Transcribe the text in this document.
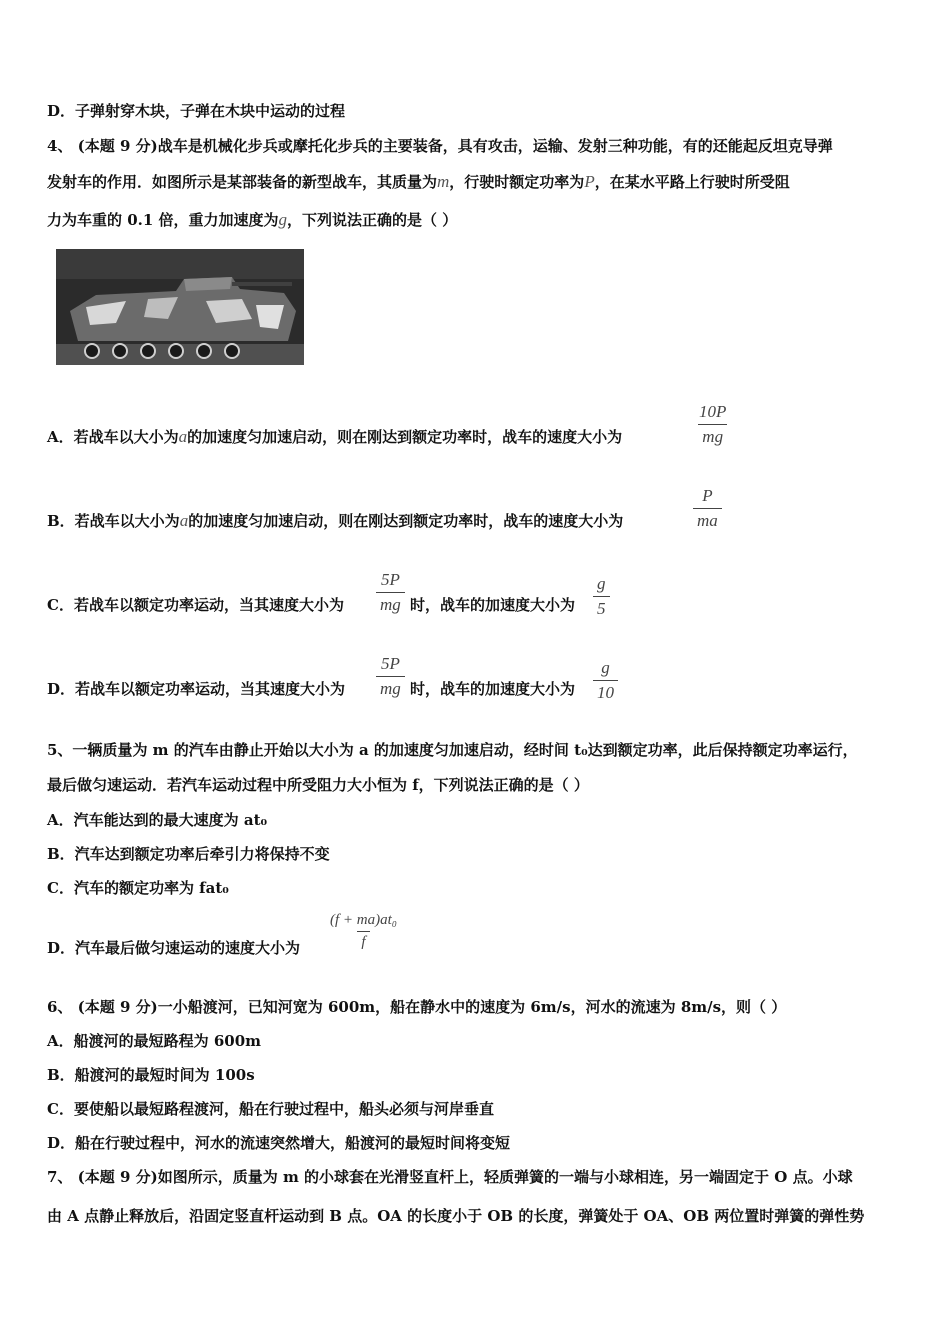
D．子弹射穿木块，子弹在木块中运动的过程
4、 (本题 9 分)战车是机械化步兵或摩托化步兵的主要装备，具有攻击，运输、发射三种功能，有的还能起反坦克导弹
发射车的作用．如图所示是某部装备的新型战车，其质量为m，行驶时额定功率为P，在某水平路上行驶时所受阻
力为车重的 0.1 倍，重力加速度为g，下列说法正确的是（ ）
A．若战车以大小为a的加速度匀加速启动，则在刚达到额定功率时，战车的速度大小为	$\frac{10P}{mg}$
B．若战车以大小为a的加速度匀加速启动，则在刚达到额定功率时，战车的速度大小为	$\frac{P}{ma}$
C．若战车以额定功率运动，当其速度大小为 $\frac{5P}{mg}$ 时，战车的加速度大小为 $\frac{g}{5}$
D．若战车以额定功率运动，当其速度大小为 $\frac{5P}{mg}$ 时，战车的加速度大小为 $\frac{g}{10}$
5、一辆质量为 m 的汽车由静止开始以大小为 a 的加速度匀加速启动，经时间 t₀达到额定功率，此后保持额定功率运行，
最后做匀速运动．若汽车运动过程中所受阻力大小恒为 f，下列说法正确的是（ ）
A．汽车能达到的最大速度为 at₀
B．汽车达到额定功率后牵引力将保持不变
C．汽车的额定功率为 fat₀
D．汽车最后做匀速运动的速度大小为 $\frac{\text{(f + ma)at₀}}{f}$
6、 (本题 9 分)一小船渡河，已知河宽为 600m，船在静水中的速度为 6m/s，河水的流速为 8m/s，则（ ）
A．船渡河的最短路程为 600m
B．船渡河的最短时间为 100s
C．要使船以最短路程渡河，船在行驶过程中，船头必须与河岸垂直
D．船在行驶过程中，河水的流速突然增大，船渡河的最短时间将变短
7、 (本题 9 分)如图所示，质量为 m 的小球套在光滑竖直杆上，轻质弹簧的一端与小球相连，另一端固定于 O 点。小球
由 A 点静止释放后，沿固定竖直杆运动到 B 点。OA 的长度小于 OB 的长度，弹簧处于 OA、OB 两位置时弹簧的弹性势
